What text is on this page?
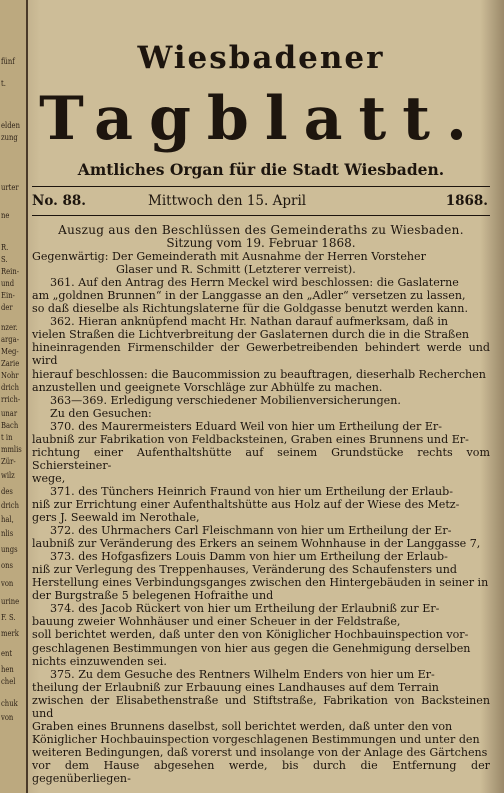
fünf
t.
elden
zung
urter
ne
R.
S.
Rein-
und
Ein-
der
nzer.
arga-
Meg-
Zarie
Nohr
drich
rrich-
unar
Bach
t in
mmlis
Zür-
wilz
des
drich
hal,
nlis
ungs
ons
von
urine
F. S.
merk
ent
hen
chel
chuk
von
Wiesbadener
Tagblatt.
Amtliches Organ für die Stadt Wiesbaden.
No. 88.	Mittwoch den 15. April	1868.

Auszug aus den Beschlüssen des Gemeinderaths zu Wiesbaden.

Sitzung vom 19. Februar 1868.

Gegenwärtig: Der Gemeinderath mit Ausnahme der Herren Vorsteher

Glaser und R. Schmitt (Letzterer verreist).

361. Auf den Antrag des Herrn Meckel wird beschlossen: die Gaslaterne

am „goldnen Brunnen“ in der Langgasse an den „Adler“ versetzen zu lassen,

so daß dieselbe als Richtungslaterne für die Goldgasse benutzt werden kann.

362. Hieran anknüpfend macht Hr. Nathan darauf aufmerksam, daß in

vielen Straßen die Lichtverbreitung der Gaslaternen durch die in die Straßen

hineinragenden Firmenschilder der Gewerbetreibenden behindert werde und wird

hierauf beschlossen: die Baucommission zu beauftragen, dieserhalb Recherchen

anzustellen und geeignete Vorschläge zur Abhülfe zu machen.

363—369. Erledigung verschiedener Mobilienversicherungen.

Zu den Gesuchen:

370. des Maurermeisters Eduard Weil von hier um Ertheilung der Er-

laubniß zur Fabrikation von Feldbacksteinen, Graben eines Brunnens und Er-

richtung einer Aufenthaltshütte auf seinem Grundstücke rechts vom Schiersteiner-

wege,

371. des Tünchers Heinrich Fraund von hier um Ertheilung der Erlaub-

niß zur Errichtung einer Aufenthaltshütte aus Holz auf der Wiese des Metz-

gers J. Seewald im Nerothale,

372. des Uhrmachers Carl Fleischmann von hier um Ertheilung der Er-

laubniß zur Veränderung des Erkers an seinem Wohnhause in der Langgasse 7,

373. des Hofgasfizers Louis Damm von hier um Ertheilung der Erlaub-

niß zur Verlegung des Treppenhauses, Veränderung des Schaufensters und

Herstellung eines Verbindungsganges zwischen den Hintergebäuden in seiner in

der Burgstraße 5 belegenen Hofraithe und

374. des Jacob Rückert von hier um Ertheilung der Erlaubniß zur Er-

bauung zweier Wohnhäuser und einer Scheuer in der Feldstraße,

soll berichtet werden, daß unter den von Königlicher Hochbauinspection vor-

geschlagenen Bestimmungen von hier aus gegen die Genehmigung derselben

nichts einzuwenden sei.

375. Zu dem Gesuche des Rentners Wilhelm Enders von hier um Er-

theilung der Erlaubniß zur Erbauung eines Landhauses auf dem Terrain

zwischen der Elisabethenstraße und Stiftstraße, Fabrikation von Backsteinen und

Graben eines Brunnens daselbst, soll berichtet werden, daß unter den von

Königlicher Hochbauinspection vorgeschlagenen Bestimmungen und unter den

weiteren Bedingungen, daß vorerst und insolange von der Anlage des Gärtchens

vor dem Hause abgesehen werde, bis durch die Entfernung der gegenüberliegen-
